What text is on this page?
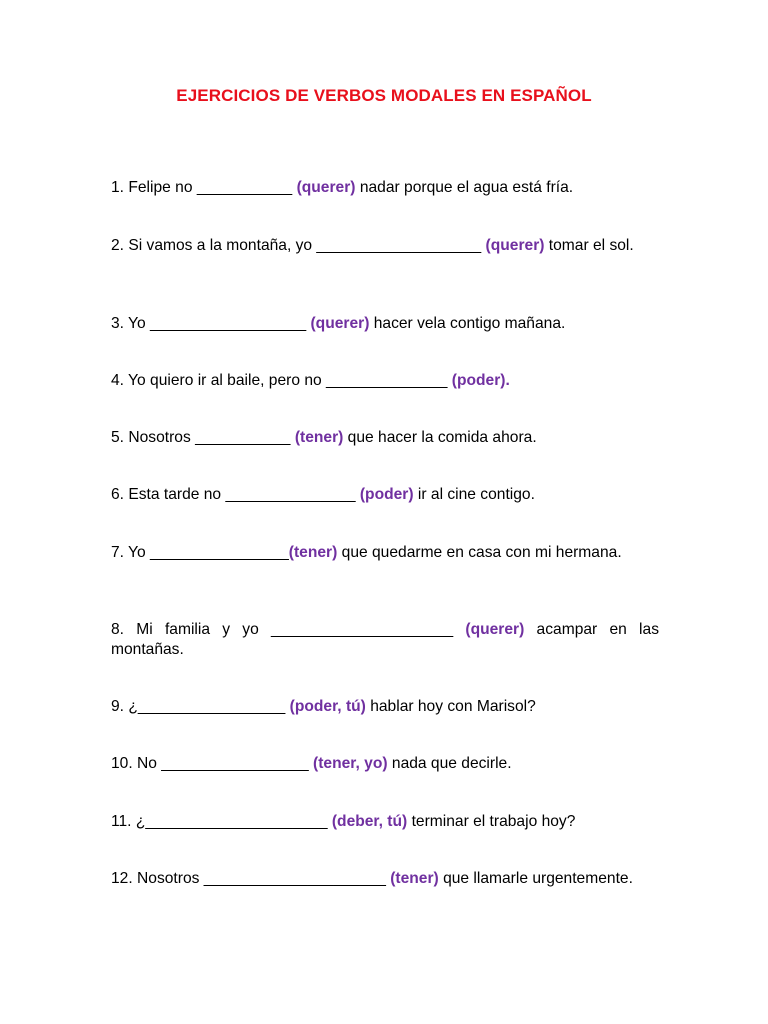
EJERCICIOS DE VERBOS MODALES EN ESPAÑOL

1. Felipe no ___________ (querer) nadar porque el agua está fría.

2. Si vamos a la montaña, yo ___________________ (querer) tomar el sol.

3. Yo __________________ (querer) hacer vela contigo mañana.

4. Yo quiero ir al baile, pero no ______________ (poder).

5. Nosotros ___________ (tener) que hacer la comida ahora.

6. Esta tarde no _______________ (poder) ir al cine contigo.

7. Yo ________________(tener) que quedarme en casa con mi hermana.

8. Mi familia y yo _____________________ (querer) acampar en las montañas.

9. ¿_________________ (poder, tú) hablar hoy con Marisol?

10. No _________________ (tener, yo) nada que decirle.

11. ¿_____________________ (deber, tú) terminar el trabajo hoy?

12. Nosotros _____________________ (tener) que llamarle urgentemente.
